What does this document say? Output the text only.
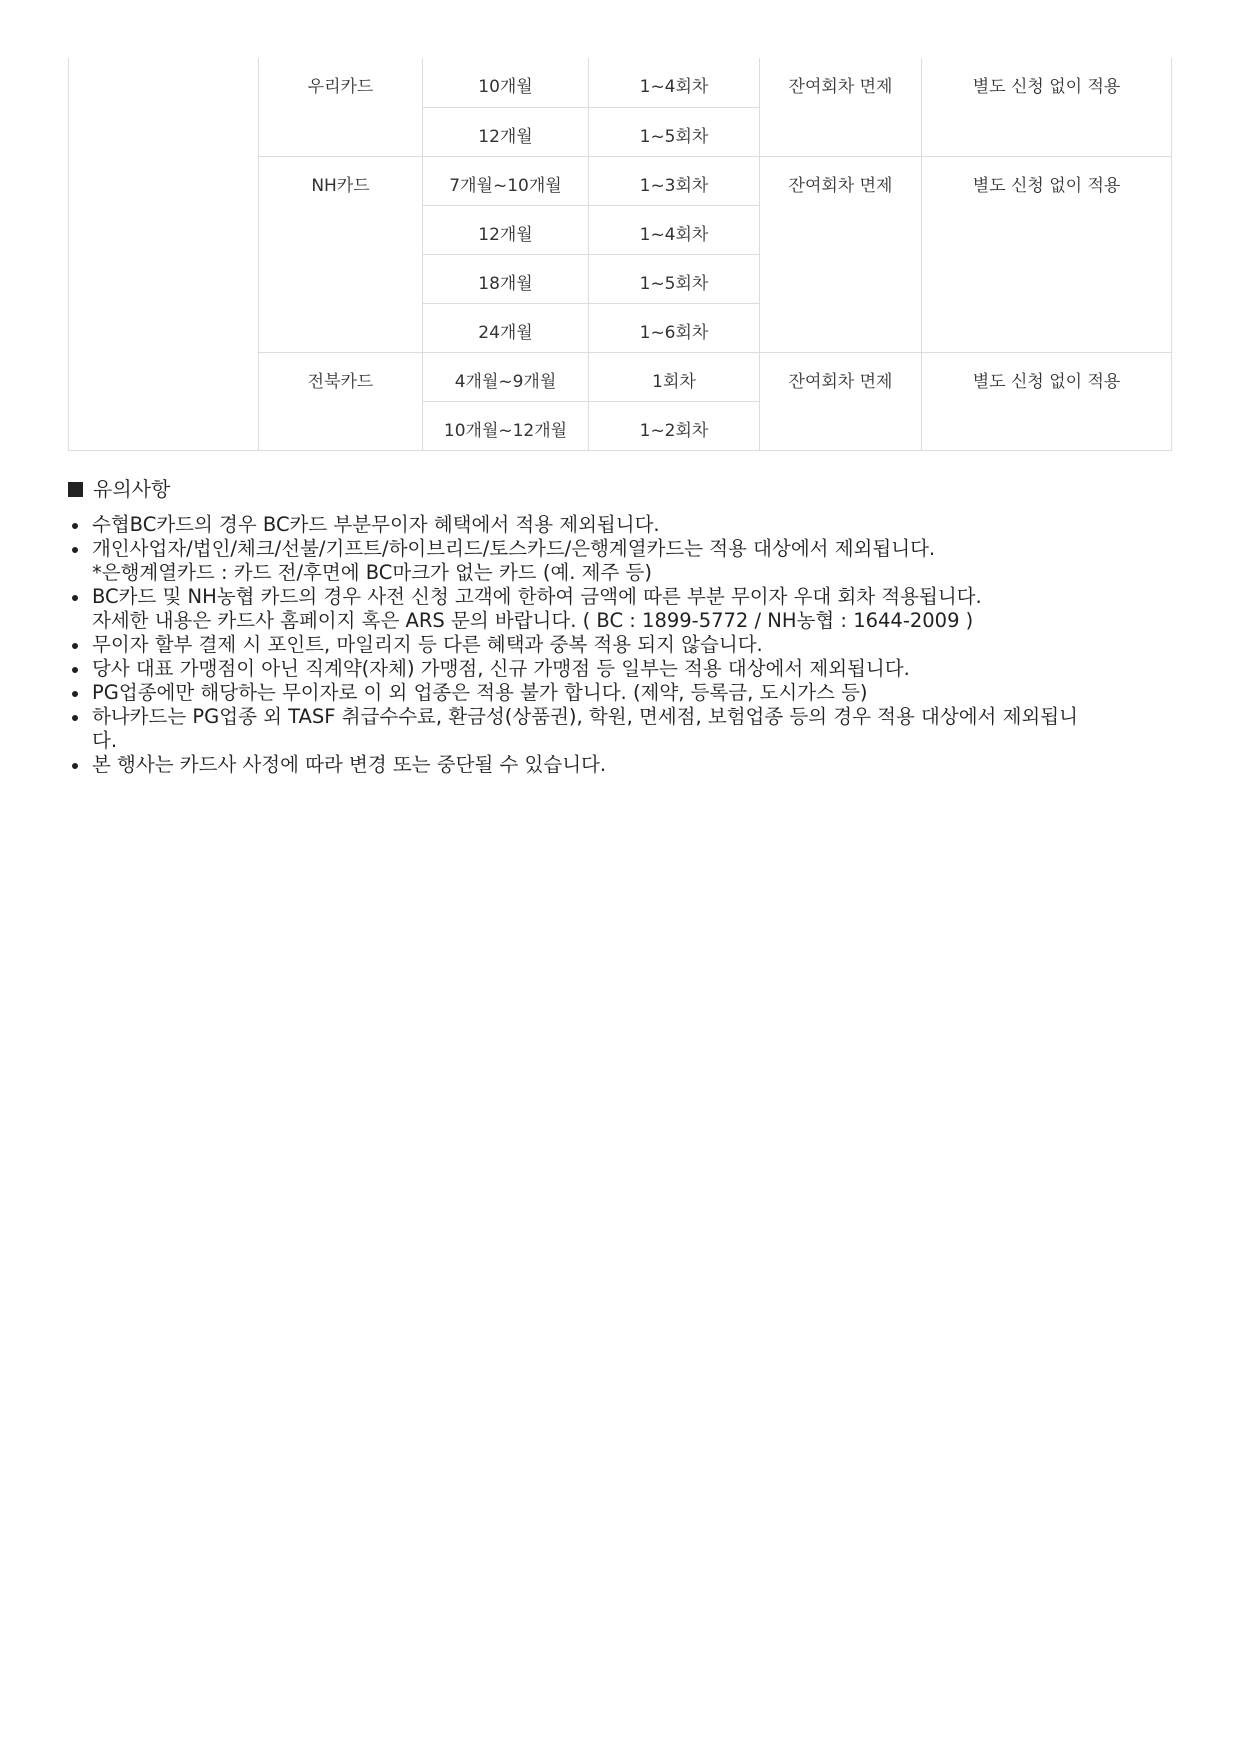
	우리카드	10개월	1~4회차	잔여회차 면제	별도 신청 없이 적용
		12개월	1~5회차		
	NH카드	7개월~10개월	1~3회차	잔여회차 면제	별도 신청 없이 적용
		12개월	1~4회차		
		18개월	1~5회차		
		24개월	1~6회차		
	전북카드	4개월~9개월	1회차	잔여회차 면제	별도 신청 없이 적용
		10개월~12개월	1~2회차		
유의사항
수협BC카드의 경우 BC카드 부분무이자 혜택에서 적용 제외됩니다.
개인사업자/법인/체크/선불/기프트/하이브리드/토스카드/은행계열카드는 적용 대상에서 제외됩니다.
*은행계열카드 : 카드 전/후면에 BC마크가 없는 카드 (예. 제주 등)
BC카드 및 NH농협 카드의 경우 사전 신청 고객에 한하여 금액에 따른 부분 무이자 우대 회차 적용됩니다.
자세한 내용은 카드사 홈페이지 혹은 ARS 문의 바랍니다. ( BC : 1899-5772 / NH농협 : 1644-2009 )
무이자 할부 결제 시 포인트, 마일리지 등 다른 혜택과 중복 적용 되지 않습니다.
당사 대표 가맹점이 아닌 직계약(자체) 가맹점, 신규 가맹점 등 일부는 적용 대상에서 제외됩니다.
PG업종에만 해당하는 무이자로 이 외 업종은 적용 불가 합니다. (제약, 등록금, 도시가스 등)
하나카드는 PG업종 외 TASF 취급수수료, 환금성(상품권), 학원, 면세점, 보험업종 등의 경우 적용 대상에서 제외됩니
다.
본 행사는 카드사 사정에 따라 변경 또는 중단될 수 있습니다.
